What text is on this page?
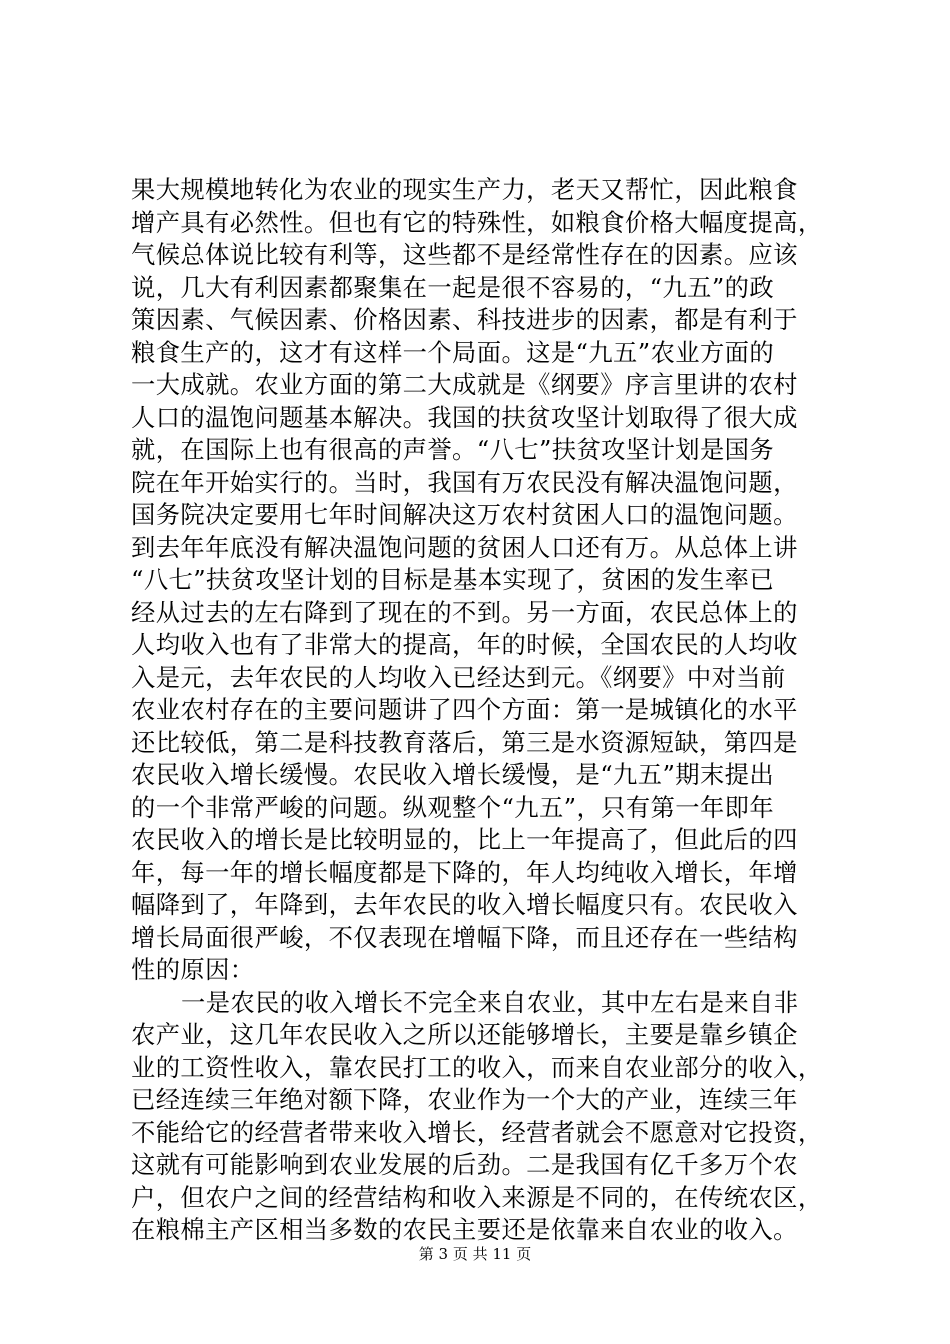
果大规模地转化为农业的现实生产力，老天又帮忙，因此粮食
增产具有必然性。但也有它的特殊性，如粮食价格大幅度提高，
气候总体说比较有利等，这些都不是经常性存在的因素。应该
说，几大有利因素都聚集在一起是很不容易的，“九五”的政
策因素、气候因素、价格因素、科技进步的因素，都是有利于
粮食生产的，这才有这样一个局面。这是“九五”农业方面的
一大成就。农业方面的第二大成就是《纲要》序言里讲的农村
人口的温饱问题基本解决。我国的扶贫攻坚计划取得了很大成
就，在国际上也有很高的声誉。“八七”扶贫攻坚计划是国务
院在年开始实行的。当时，我国有万农民没有解决温饱问题，
国务院决定要用七年时间解决这万农村贫困人口的温饱问题。
到去年年底没有解决温饱问题的贫困人口还有万。从总体上讲
“八七”扶贫攻坚计划的目标是基本实现了，贫困的发生率已
经从过去的左右降到了现在的不到。另一方面，农民总体上的
人均收入也有了非常大的提高，年的时候，全国农民的人均收
入是元，去年农民的人均收入已经达到元。《纲要》中对当前
农业农村存在的主要问题讲了四个方面：第一是城镇化的水平
还比较低，第二是科技教育落后，第三是水资源短缺，第四是
农民收入增长缓慢。农民收入增长缓慢，是“九五”期末提出
的一个非常严峻的问题。纵观整个“九五”，只有第一年即年
农民收入的增长是比较明显的，比上一年提高了，但此后的四
年，每一年的增长幅度都是下降的，年人均纯收入增长，年增
幅降到了，年降到，去年农民的收入增长幅度只有。农民收入
增长局面很严峻，不仅表现在增幅下降，而且还存在一些结构
性的原因：
一是农民的收入增长不完全来自农业，其中左右是来自非
农产业，这几年农民收入之所以还能够增长，主要是靠乡镇企
业的工资性收入，靠农民打工的收入，而来自农业部分的收入，
已经连续三年绝对额下降，农业作为一个大的产业，连续三年
不能给它的经营者带来收入增长，经营者就会不愿意对它投资，
这就有可能影响到农业发展的后劲。二是我国有亿千多万个农
户，但农户之间的经营结构和收入来源是不同的，在传统农区，
在粮棉主产区相当多数的农民主要还是依靠来自农业的收入。
第 3 页 共 11 页
